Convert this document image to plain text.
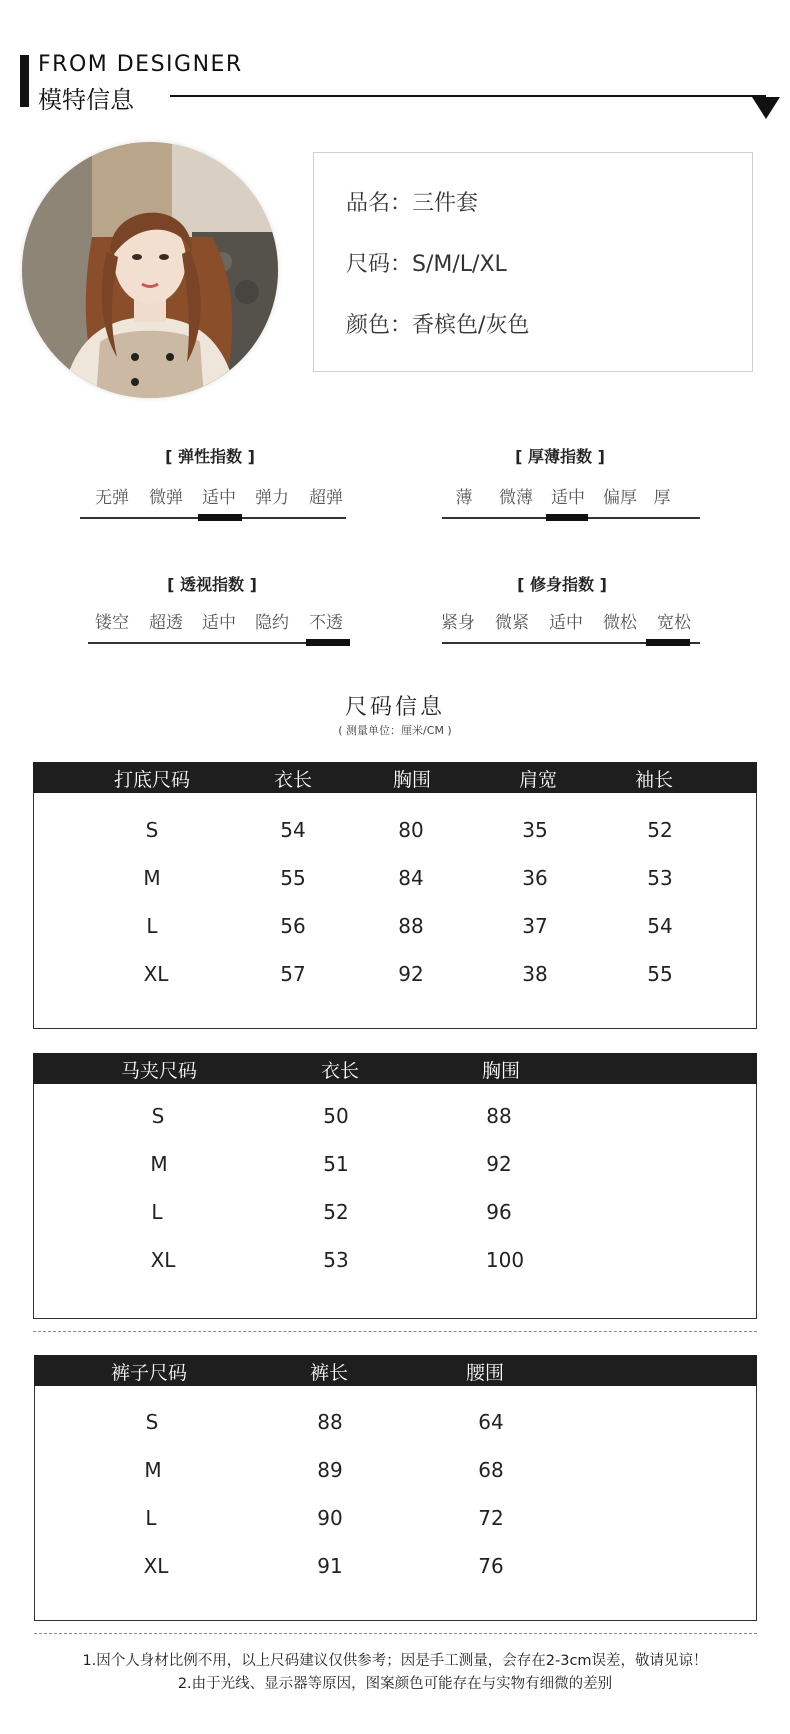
FROM DESIGNER
模特信息
品名：三件套
尺码：S/M/L/XL
颜色：香槟色/灰色
[ 弹性指数 ]
无弹	微弹	适中	弹力	超弹
[ 厚薄指数 ]
薄	微薄	适中	偏厚 厚
[ 透视指数 ]
镂空	超透	适中	隐约	不透
[ 修身指数 ]
紧身	微紧	适中	微松	宽松
尺码信息
( 测量单位：厘米/CM )
打底尺码	衣长	胸围	肩宽	袖长
S	54	80	35	52
M	55	84	36	53
L	56	88	37	54
XL	57	92	38	55
马夹尺码	衣长	胸围
S	50	88
M	51	92
L	52	96
XL	53	100
裤子尺码	裤长	腰围
S	88	64
M	89	68
L	90	72
XL	91	76
1.因个人身材比例不用，以上尺码建议仅供参考；因是手工测量，会存在2-3cm误差，敬请见谅！
2.由于光线、显示器等原因，图案颜色可能存在与实物有细微的差别
